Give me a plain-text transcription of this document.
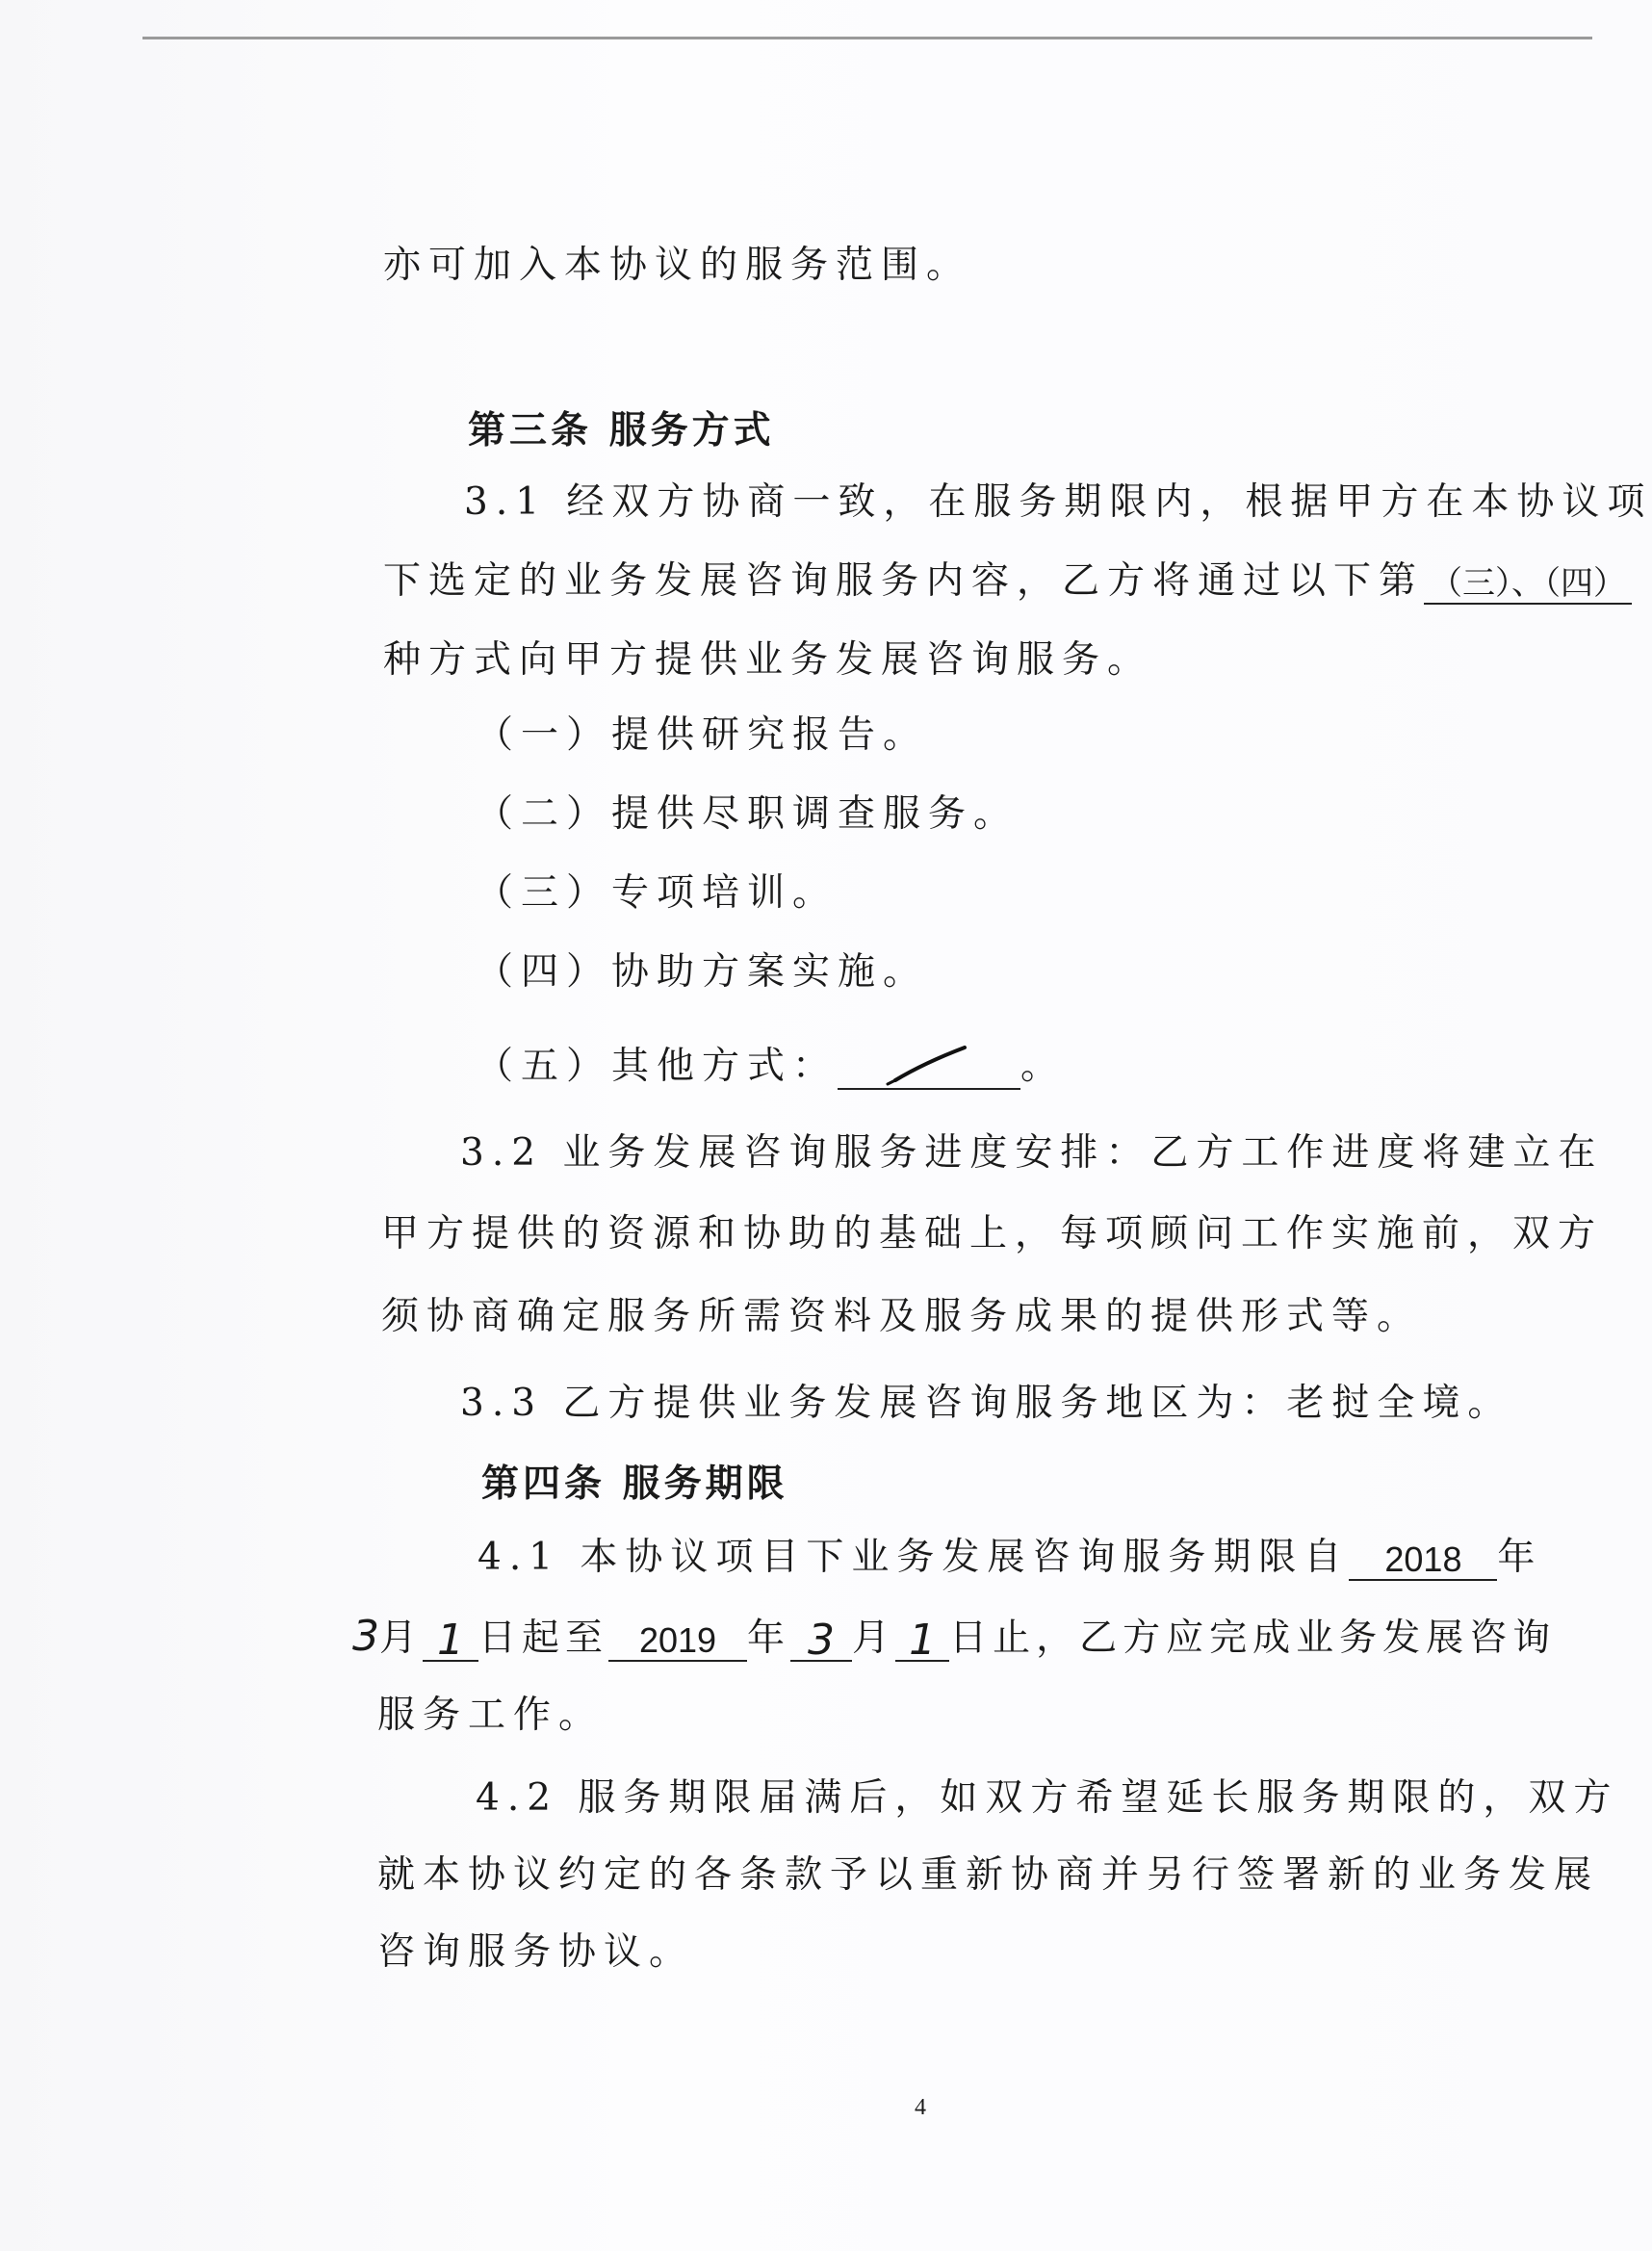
亦可加入本协议的服务范围。
第三条 服务方式
3.1 经双方协商一致，在服务期限内，根据甲方在本协议项
下选定的业务发展咨询服务内容，乙方将通过以下第 （三）、（四）
种方式向甲方提供业务发展咨询服务。
（一）提供研究报告。
（二）提供尽职调查服务。
（三）专项培训。
（四）协助方案实施。
（五）其他方式：	。
3.2 业务发展咨询服务进度安排：乙方工作进度将建立在
甲方提供的资源和协助的基础上，每项顾问工作实施前，双方
须协商确定服务所需资料及服务成果的提供形式等。
3.3 乙方提供业务发展咨询服务地区为：老挝全境。
第四条 服务期限
4.1 本协议项目下业务发展咨询服务期限自 2018 年
3月 1 日起至 2019 年 3 月 1 日止，乙方应完成业务发展咨询
服务工作。
4.2 服务期限届满后，如双方希望延长服务期限的，双方
就本协议约定的各条款予以重新协商并另行签署新的业务发展
咨询服务协议。
4
